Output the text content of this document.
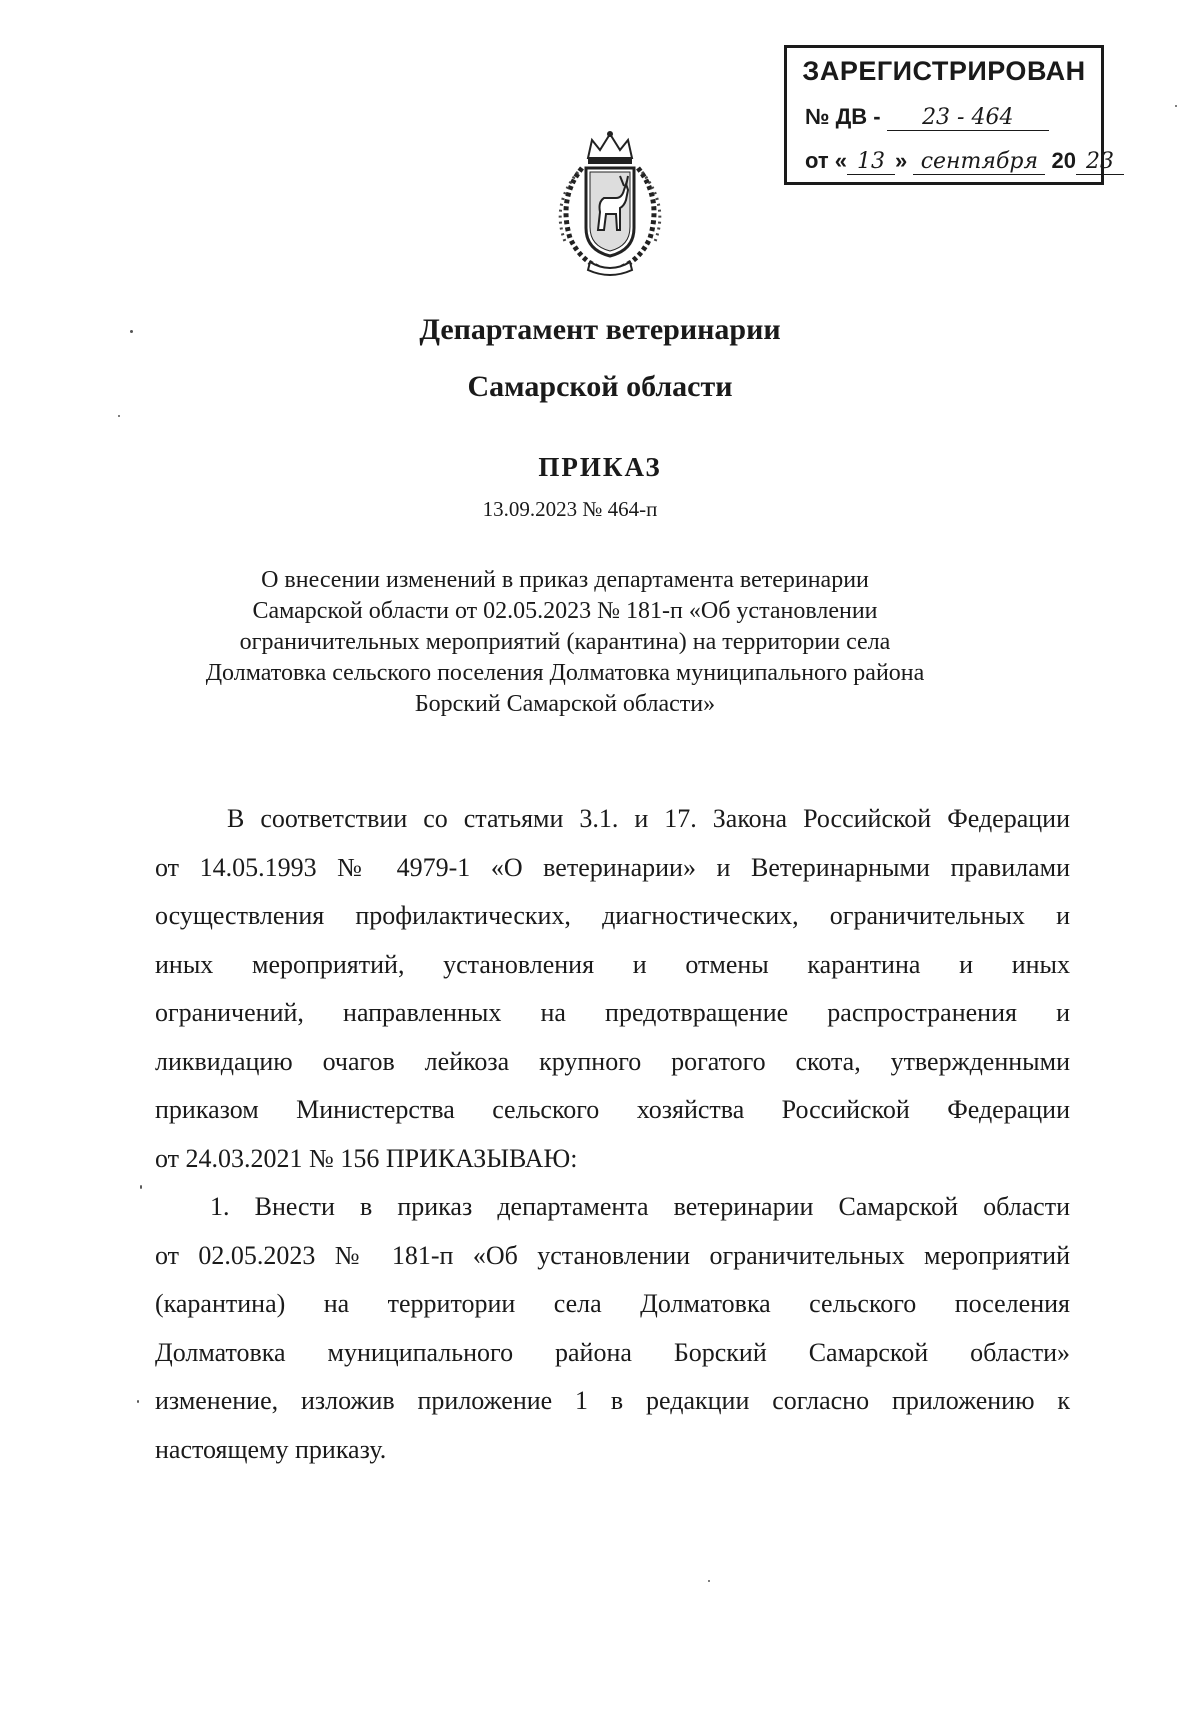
ЗАРЕГИСТРИРОВАН
№ ДВ - 23 - 464
от « 13 » сентября 20 23
Департамент ветеринарии
Самарской области
ПРИКАЗ
13.09.2023 № 464-п
О внесении изменений в приказ департамента ветеринарии
Самарской области от 02.05.2023 № 181-п «Об установлении
ограничительных мероприятий (карантина) на территории села
Долматовка сельского поселения Долматовка муниципального района
Борский Самарской области»
В соответствии со статьями 3.1. и 17. Закона Российской Федерации
от 14.05.1993 № 4979-1 «О ветеринарии» и Ветеринарными правилами
осуществления профилактических, диагностических, ограничительных и
иных мероприятий, установления и отмены карантина и иных
ограничений, направленных на предотвращение распространения и
ликвидацию очагов лейкоза крупного рогатого скота, утвержденными
приказом Министерства сельского хозяйства Российской Федерации
от 24.03.2021 № 156 ПРИКАЗЫВАЮ:
1. Внести в приказ департамента ветеринарии Самарской области
от 02.05.2023 № 181-п «Об установлении ограничительных мероприятий
(карантина) на территории села Долматовка сельского поселения
Долматовка муниципального района Борский Самарской области»
изменение, изложив приложение 1 в редакции согласно приложению к
настоящему приказу.
